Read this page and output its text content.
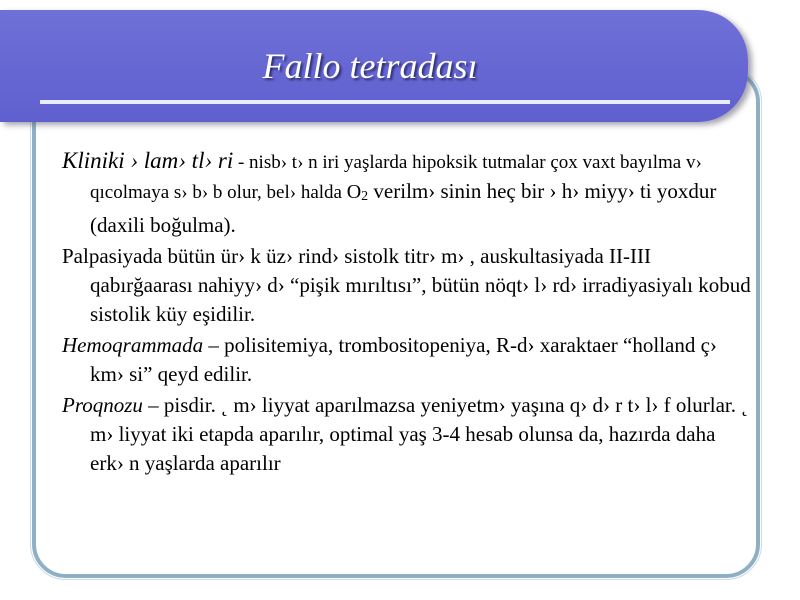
Fallo tetradası

Kliniki › lam› tl› ri - nisb› t› n iri yaşlarda hipoksik tutmalar çox vaxt bayılma v› qıcolmaya s› b› b olur, bel› halda O2 verilm› sinin heç bir › h› miyy› ti yoxdur (daxili boğulma).

Palpasiyada bütün ür› k üz› rind› sistolk titr› m› , auskultasiyada II-III qabırğaarası nahiyy› d› “pişik mırıltısı”, bütün nöqt› l› rd› irradiyasiyalı kobud sistolik küy eşidilir.

Hemoqrammada – polisitemiya, trombositopeniya, R-d› xaraktaer “holland ç› km› si” qeyd edilir.

Proqnozu – pisdir. ˛ m› liyyat aparılmazsa yeniyetm› yaşına q› d› r t› l› f olurlar. ˛ m› liyyat iki etapda aparılır, optimal yaş 3-4 hesab olunsa da, hazırda daha erk› n yaşlarda aparılır
